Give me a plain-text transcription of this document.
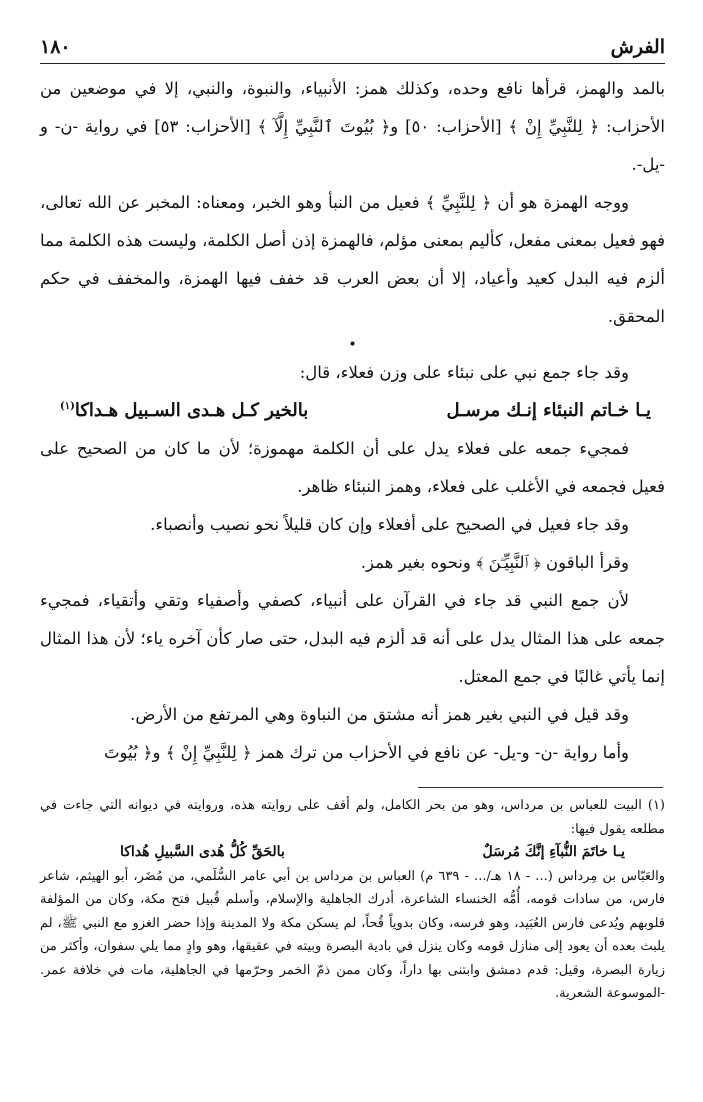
الفرش
١٨٠

بالمد والهمز، قرأها نافع وحده، وكذلك همز: الأنبياء، والنبوة، والنبي، إلا في موضعين من الأحزاب: ﴿ لِلنَّبِيِّ إِنْ ﴾ [الأحزاب: ٥٠] و﴿ بُيُوتَ ٱلنَّبِيِّ إِلَّآ ﴾ [الأحزاب: ٥٣] في رواية -ن- و -يل-.

ووجه الهمزة هو أن ﴿ لِلنَّبِيِّ ﴾ فعيل من النبأ وهو الخبر، ومعناه: المخبر عن الله تعالى، فهو فعيل بمعنى مفعل، كأليم بمعنى مؤلم، فالهمزة إذن أصل الكلمة، وليست هذه الكلمة مما ألزم فيه البدل كعيد وأعياد، إلا أن بعض العرب قد خفف فيها الهمزة، والمخفف في حكم المحقق.

•

وقد جاء جمع نبي على نبئاء على وزن فعلاء، قال:

يـا خـاتم النبئاء إنـك مرسـل
بالخير كـل هـدى السـبيل هـداكا$^{(١)}$

فمجيء جمعه على فعلاء يدل على أن الكلمة مهموزة؛ لأن ما كان من الصحيح على فعيل فجمعه في الأغلب على فعلاء، وهمز النبئاء ظاهر.

وقد جاء فعيل في الصحيح على أفعلاء وإن كان قليلاً نحو نصيب وأنصباء.

وقرأ الباقون ﴿ ٱلنَّبِيِّـۧنَ ﴾ ونحوه بغير همز.

لأن جمع النبي قد جاء في القرآن على أنبياء، كصفي وأصفياء وتقي وأتقياء، فمجيء جمعه على هذا المثال يدل على أنه قد ألزم فيه البدل، حتى صار كأن آخره ياء؛ لأن هذا المثال إنما يأتي غالبًا في جمع المعتل.

وقد قيل في النبي بغير همز أنه مشتق من النباوة وهي المرتفع من الأرض.

وأما رواية -ن- و-يل- عن نافع في الأحزاب من ترك همز ﴿ لِلنَّبِيِّ إِنْ ﴾ و﴿ بُيُوتَ

(١) البيت للعباس بن مرداس، وهو من بحر الكامل، ولم أقف على روايته هذه، وروايته في ديوانه التي جاءت في مطلعه يقول فيها:

يـا خاتَمَ النُّبآءِ إنَّكَ مُرسَلٌ
بالحَقِّ كُلُّ هُدى السَّبيلِ هُداكا

والعَبّاس بن مِرداس (... - ١٨ هـ/... - ٦٣٩ م) العباس بن مرداس بن أبي عامر السُّلَمي، من مُضَر، أبو الهيثم، شاعر فارس، من سادات قومه، أُمُّه الخنساء الشاعرة، أدرك الجاهلية والإسلام، وأسلم قُبيل فتح مكة، وكان من المؤلفة قلوبهم ويُدعى فارس العُبَيد، وهو فرسه، وكان بدوياً قُحاً، لم يسكن مكة ولا المدينة وإذا حضر الغزو مع النبي ﷺ، لم يلبث بعده أن يعود إلى منازل قومه وكان ينزل في بادية البصرة وبيته في عقيقها، وهو وادٍ مما يلي سفوان، وأكثر من زيارة البصرة، وقيل: قدم دمشق وابتنى بها داراً، وكان ممن ذمّ الخمر وحرّمها في الجاهلية، مات في خلافة عمر. -الموسوعة الشعرية.
